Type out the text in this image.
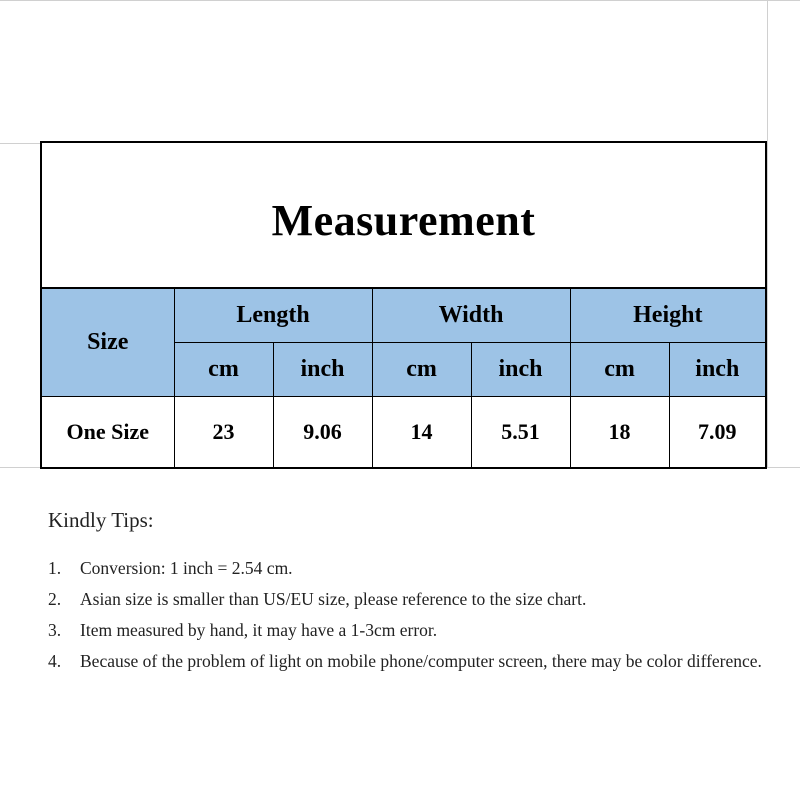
Measurement
Size	Length		Width		Height	
	cm	inch	cm	inch	cm	inch
One Size	23	9.06	14	5.51	18	7.09
Kindly Tips:
1.	Conversion: 1 inch = 2.54 cm.
2.	Asian size is smaller than US/EU size, please reference to the size chart.
3.	Item measured by hand, it may have a 1-3cm error.
4.	Because of the problem of light on mobile phone/computer screen, there may be color difference.
